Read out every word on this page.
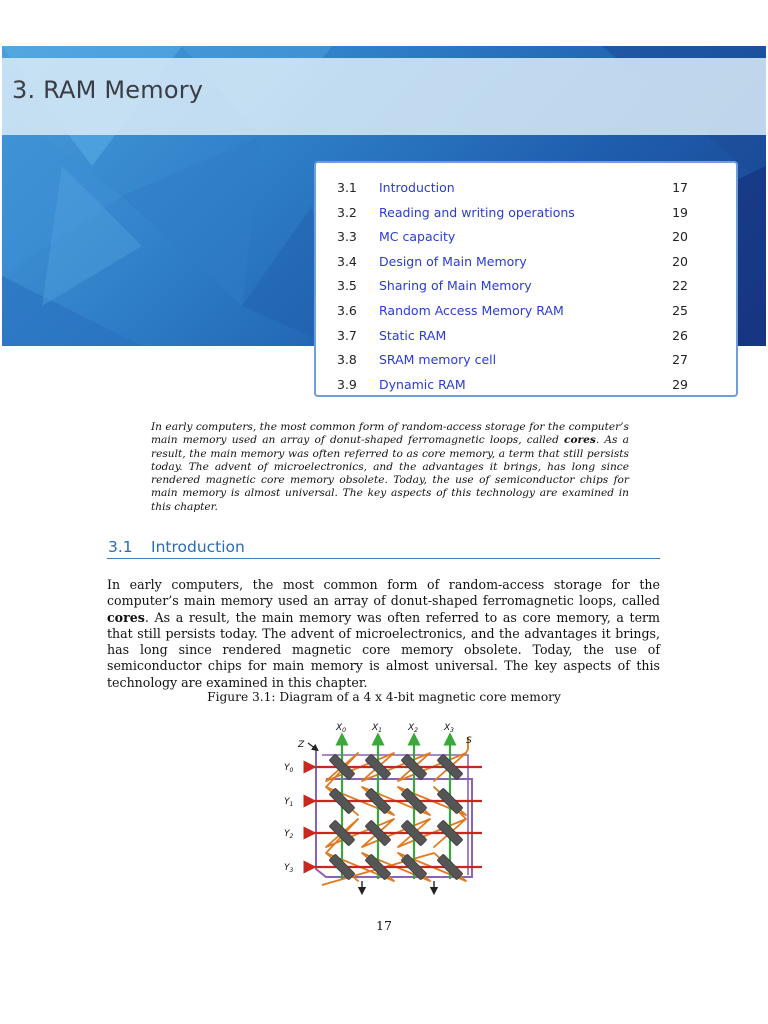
3. RAM Memory
3.1 Introduction	17
3.2 Reading and writing operations	19
3.3 MC capacity	20
3.4 Design of Main Memory	20
3.5 Sharing of Main Memory	22
3.6 Random Access Memory RAM	25
3.7 Static RAM	26
3.8 SRAM memory cell	27
3.9 Dynamic RAM	29

In early computers, the most common form of random-access storage for the computer’s main memory used an array of donut-shaped ferromagnetic loops, called cores. As a result, the main memory was often referred to as core memory, a term that still persists today. The advent of microelectronics, and the advantages it brings, has long since rendered magnetic core memory obsolete. Today, the use of semiconductor chips for main memory is almost universal. The key aspects of this technology are examined in this chapter.

3.1 Introduction

In early computers, the most common form of random-access storage for the computer’s main memory used an array of donut-shaped ferromagnetic loops, called cores. As a result, the main memory was often referred to as core memory, a term that still persists today. The advent of microelectronics, and the advantages it brings, has long since rendered magnetic core memory obsolete. Today, the use of semiconductor chips for main memory is almost universal. The key aspects of this technology are examined in this chapter.

Figure 3.1: Diagram of a 4 x 4-bit magnetic core memory
$X_0$	$X_1$	$X_2$	$X_3$
$Y_0$
$Y_1$
$Y_2$
$Y_3$
Z	S
17
